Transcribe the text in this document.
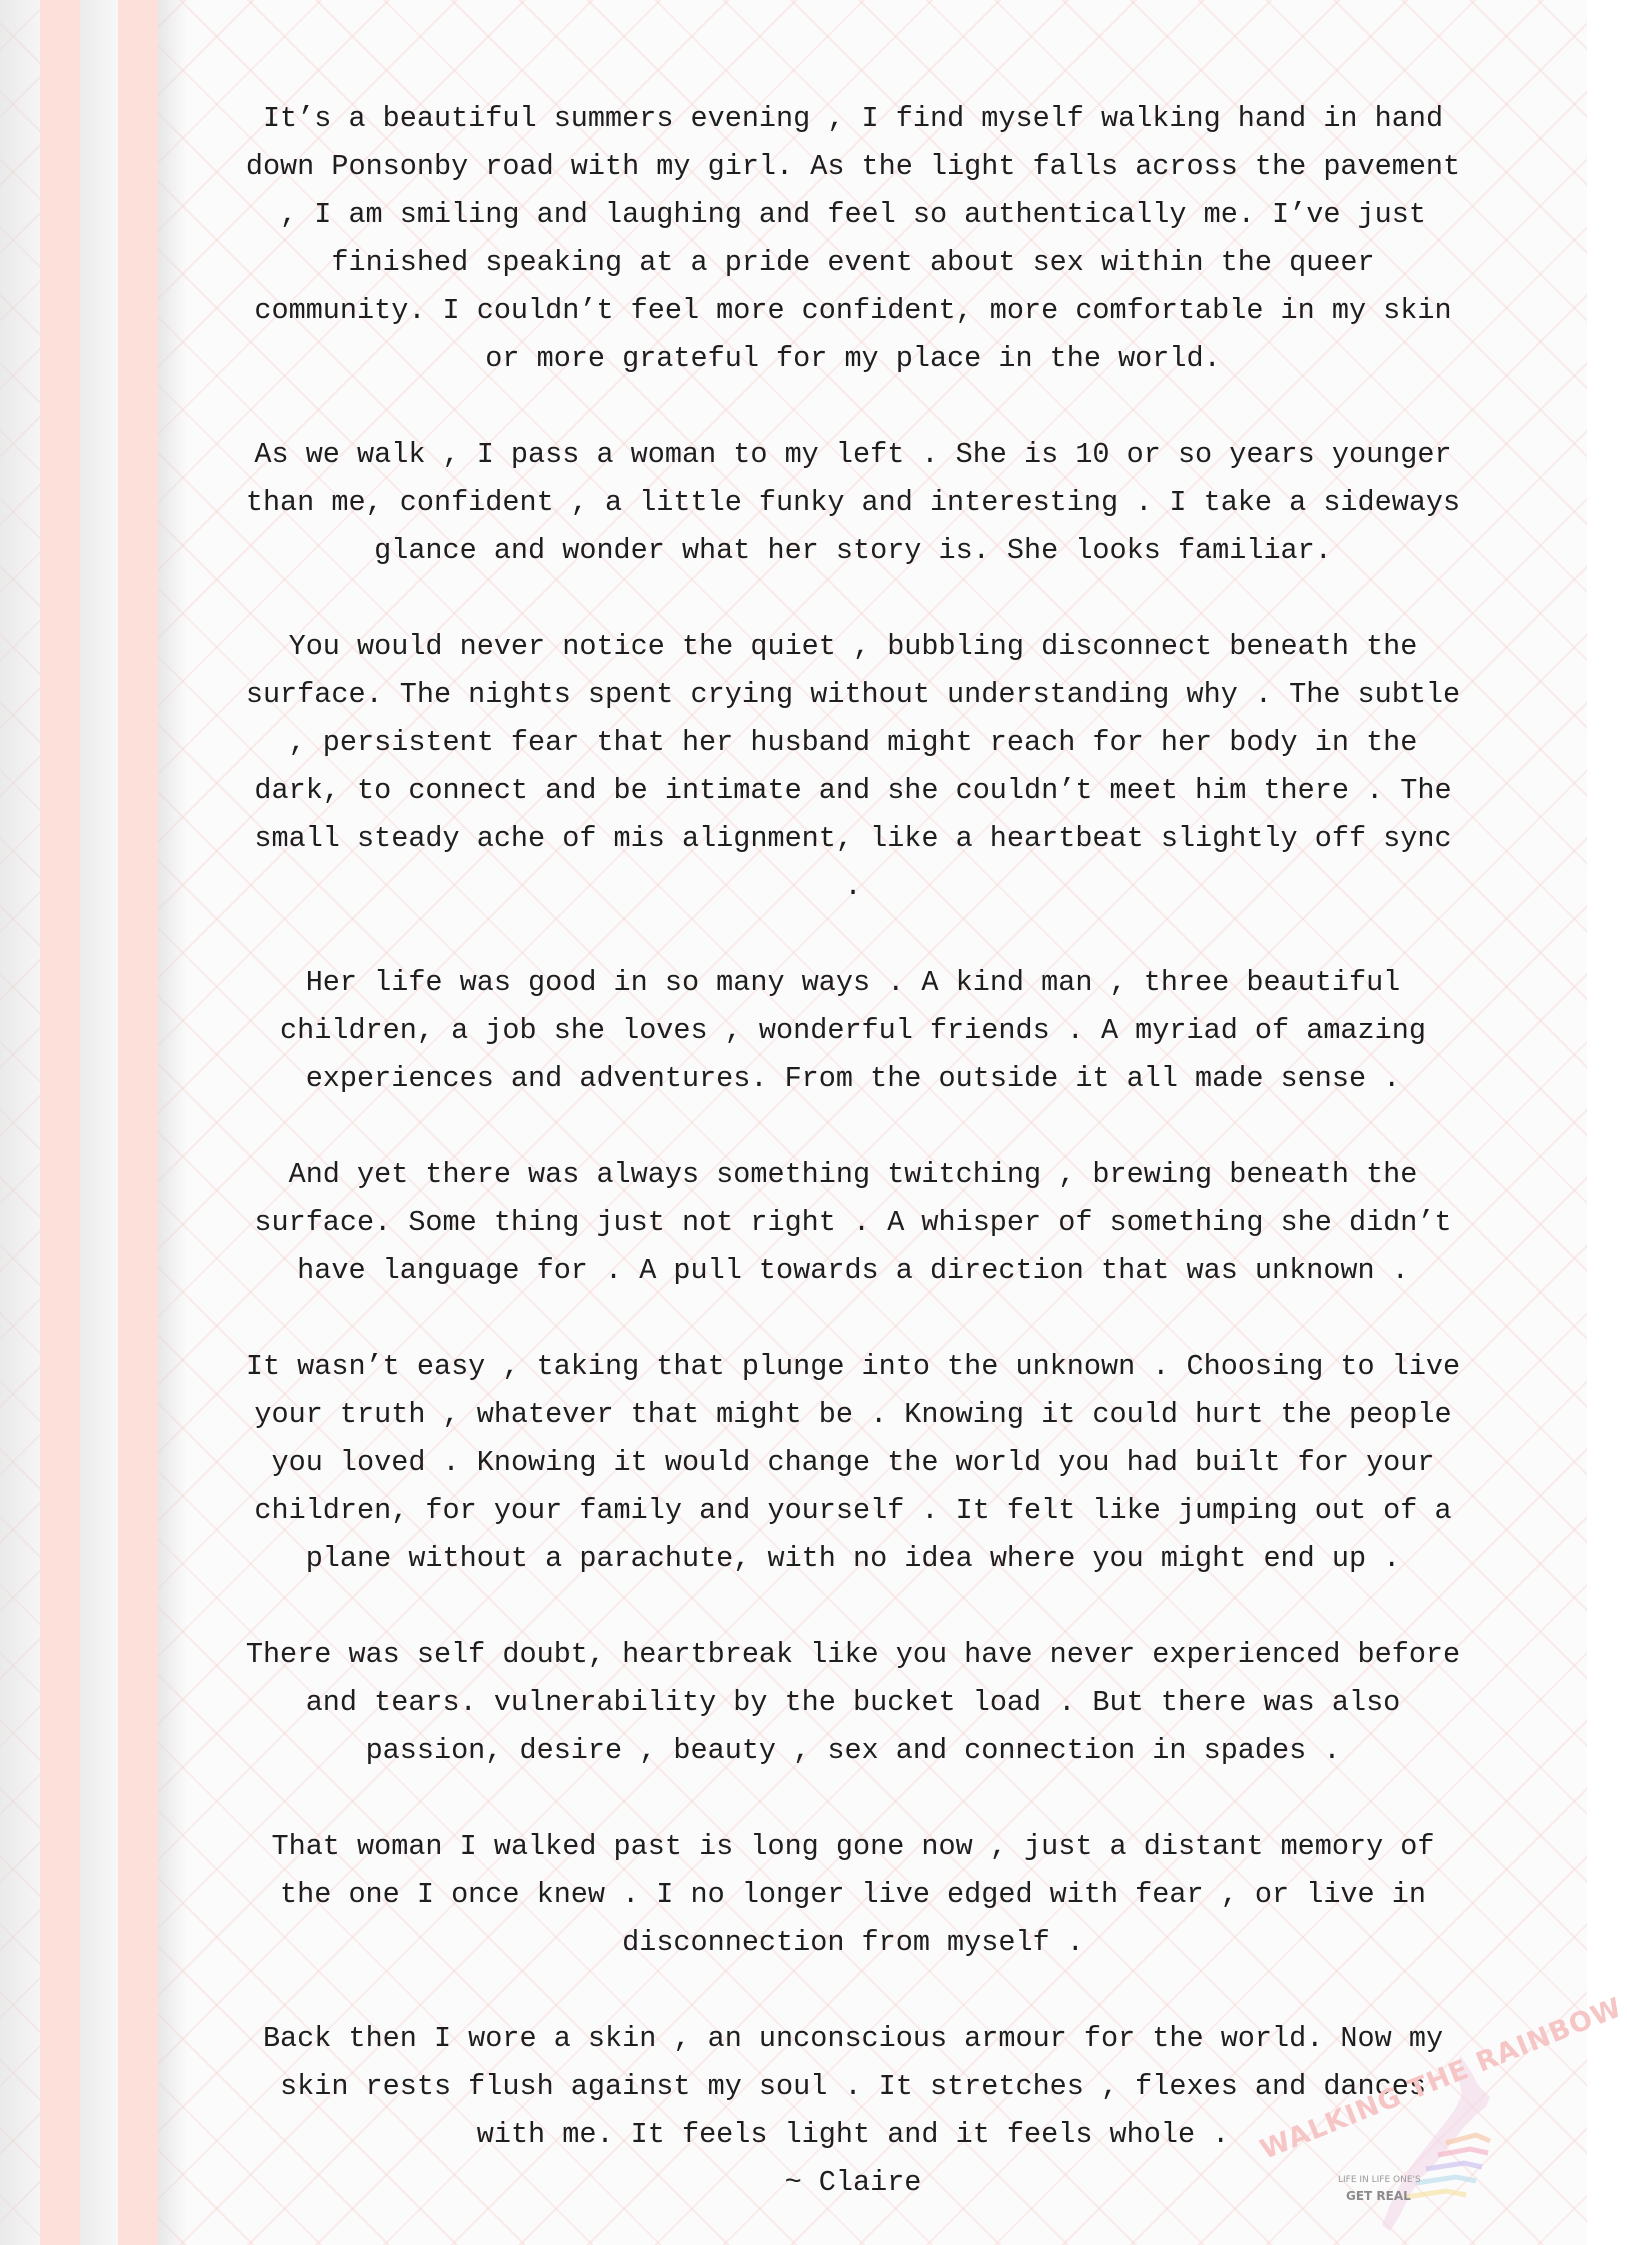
It’s a beautiful summers evening , I find myself walking hand in hand down Ponsonby road with my girl. As the light falls across the pavement , I am smiling and laughing and feel so authentically me. I’ve just finished speaking at a pride event about sex within the queer community. I couldn’t feel more confident, more comfortable in my skin or more grateful for my place in the world.

As we walk , I pass a woman to my left . She is 10 or so years younger than me, confident , a little funky and interesting . I take a sideways glance and wonder what her story is. She looks familiar.

You would never notice the quiet , bubbling disconnect beneath the surface. The nights spent crying without understanding why . The subtle , persistent fear that her husband might reach for her body in the dark, to connect and be intimate and she couldn’t meet him there . The small steady ache of mis alignment, like a heartbeat slightly off sync .

Her life was good in so many ways . A kind man , three beautiful children, a job she loves , wonderful friends . A myriad of amazing experiences and adventures. From the outside it all made sense .

And yet there was always something twitching , brewing beneath the surface. Some thing just not right . A whisper of something she didn’t have language for . A pull towards a direction that was unknown .

It wasn’t easy , taking that plunge into the unknown . Choosing to live your truth , whatever that might be . Knowing it could hurt the people you loved . Knowing it would change the world you had built for your children, for your family and yourself . It felt like jumping out of a plane without a parachute, with no idea where you might end up .

There was self doubt, heartbreak like you have never experienced before and tears. vulnerability by the bucket load . But there was also passion, desire , beauty , sex and connection in spades .

That woman I walked past is long gone now , just a distant memory of the one I once knew . I no longer live edged with fear , or live in disconnection from myself .

Back then I wore a skin , an unconscious armour for the world. Now my skin rests flush against my soul . It stretches , flexes and dances with me. It feels light and it feels whole .

~ Claire

WALKING THE RAINBOW
LIFE IN LIFE ONE'S
GET REAL
